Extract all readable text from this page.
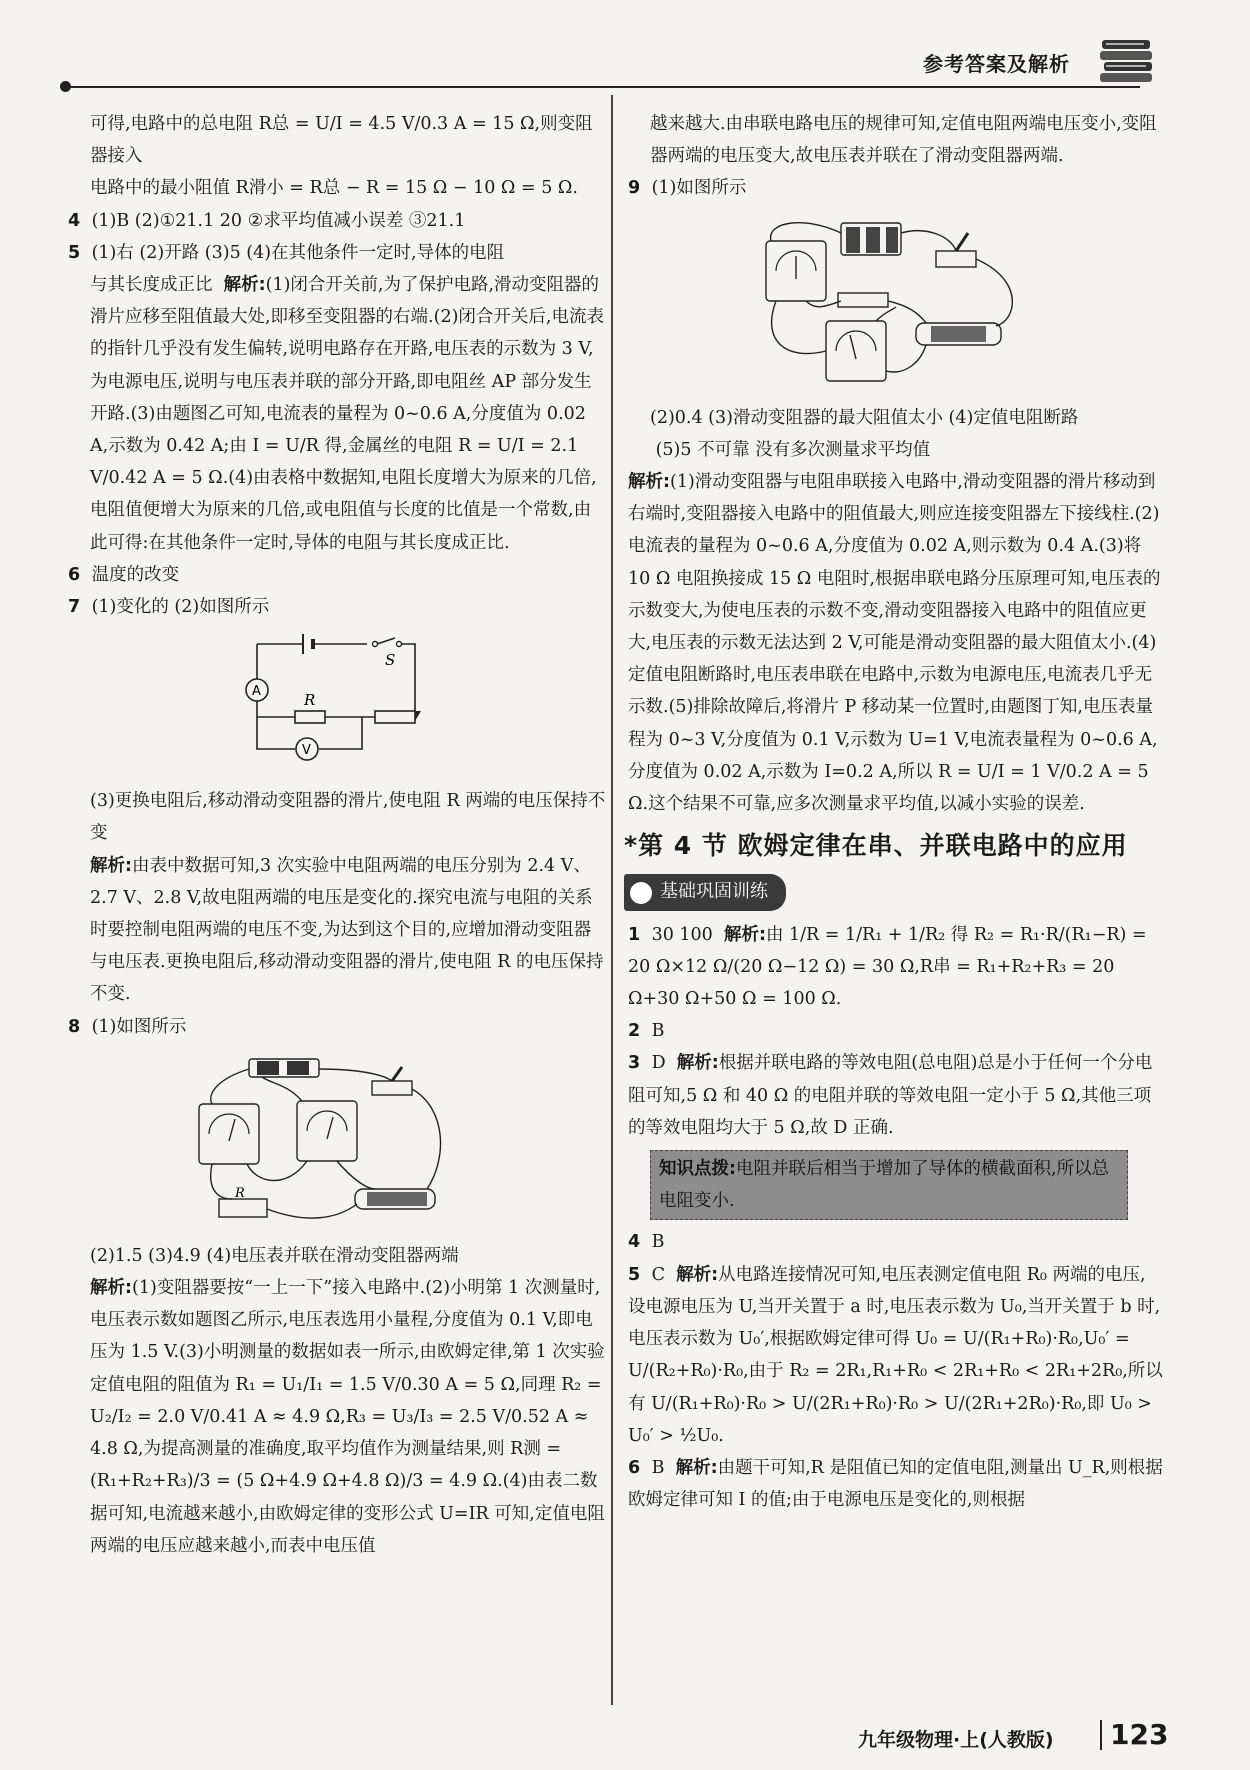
参考答案及解析

可得,电路中的总电阻 R总 = U/I = 4.5 V/0.3 A = 15 Ω,则变阻器接入

电路中的最小阻值 R滑小 = R总 − R = 15 Ω − 10 Ω = 5 Ω.

4 (1)B (2)①21.1 20 ②求平均值减小误差 ③21.1

5 (1)右 (2)开路 (3)5 (4)在其他条件一定时,导体的电阻

与其长度成正比 解析:(1)闭合开关前,为了保护电路,滑动变阻器的滑片应移至阻值最大处,即移至变阻器的右端.(2)闭合开关后,电流表的指针几乎没有发生偏转,说明电路存在开路,电压表的示数为 3 V,为电源电压,说明与电压表并联的部分开路,即电阻丝 AP 部分发生开路.(3)由题图乙可知,电流表的量程为 0~0.6 A,分度值为 0.02 A,示数为 0.42 A;由 I = U/R 得,金属丝的电阻 R = U/I = 2.1 V/0.42 A = 5 Ω.(4)由表格中数据知,电阻长度增大为原来的几倍,电阻值便增大为原来的几倍,或电阻值与长度的比值是一个常数,由此可得:在其他条件一定时,导体的电阻与其长度成正比.

6 温度的改变

7 (1)变化的 (2)如图所示

S
A	R
V

(3)更换电阻后,移动滑动变阻器的滑片,使电阻 R 两端的电压保持不变

解析:由表中数据可知,3 次实验中电阻两端的电压分别为 2.4 V、2.7 V、2.8 V,故电阻两端的电压是变化的.探究电流与电阻的关系时要控制电阻两端的电压不变,为达到这个目的,应增加滑动变阻器与电压表.更换电阻后,移动滑动变阻器的滑片,使电阻 R 的电压保持不变.

8 (1)如图所示

R

(2)1.5 (3)4.9 (4)电压表并联在滑动变阻器两端

解析:(1)变阻器要按“一上一下”接入电路中.(2)小明第 1 次测量时,电压表示数如题图乙所示,电压表选用小量程,分度值为 0.1 V,即电压为 1.5 V.(3)小明测量的数据如表一所示,由欧姆定律,第 1 次实验定值电阻的阻值为 R₁ = U₁/I₁ = 1.5 V/0.30 A = 5 Ω,同理 R₂ = U₂/I₂ = 2.0 V/0.41 A ≈ 4.9 Ω,R₃ = U₃/I₃ = 2.5 V/0.52 A ≈ 4.8 Ω,为提高测量的准确度,取平均值作为测量结果,则 R测 = (R₁+R₂+R₃)/3 = (5 Ω+4.9 Ω+4.8 Ω)/3 = 4.9 Ω.(4)由表二数据可知,电流越来越小,由欧姆定律的变形公式 U=IR 可知,定值电阻两端的电压应越来越小,而表中电压值

越来越大.由串联电路电压的规律可知,定值电阻两端电压变小,变阻器两端的电压变大,故电压表并联在了滑动变阻器两端.

9 (1)如图所示

(2)0.4 (3)滑动变阻器的最大阻值太小 (4)定值电阻断路

(5)5 不可靠 没有多次测量求平均值

解析:(1)滑动变阻器与电阻串联接入电路中,滑动变阻器的滑片移动到右端时,变阻器接入电路中的阻值最大,则应连接变阻器左下接线柱.(2)电流表的量程为 0~0.6 A,分度值为 0.02 A,则示数为 0.4 A.(3)将 10 Ω 电阻换接成 15 Ω 电阻时,根据串联电路分压原理可知,电压表的示数变大,为使电压表的示数不变,滑动变阻器接入电路中的阻值应更大,电压表的示数无法达到 2 V,可能是滑动变阻器的最大阻值太小.(4)定值电阻断路时,电压表串联在电路中,示数为电源电压,电流表几乎无示数.(5)排除故障后,将滑片 P 移动某一位置时,由题图丁知,电压表量程为 0~3 V,分度值为 0.1 V,示数为 U=1 V,电流表量程为 0~0.6 A,分度值为 0.02 A,示数为 I=0.2 A,所以 R = U/I = 1 V/0.2 A = 5 Ω.这个结果不可靠,应多次测量求平均值,以减小实验的误差.

*第 4 节 欧姆定律在串、并联电路中的应用
基础巩固训练

1 30 100 解析:由 1/R = 1/R₁ + 1/R₂ 得 R₂ = R₁·R/(R₁−R) = 20 Ω×12 Ω/(20 Ω−12 Ω) = 30 Ω,R串 = R₁+R₂+R₃ = 20 Ω+30 Ω+50 Ω = 100 Ω.

2 B

3 D 解析:根据并联电路的等效电阻(总电阻)总是小于任何一个分电阻可知,5 Ω 和 40 Ω 的电阻并联的等效电阻一定小于 5 Ω,其他三项的等效电阻均大于 5 Ω,故 D 正确.

知识点拨:电阻并联后相当于增加了导体的横截面积,所以总电阻变小.

4 B

5 C 解析:从电路连接情况可知,电压表测定值电阻 R₀ 两端的电压,设电源电压为 U,当开关置于 a 时,电压表示数为 U₀,当开关置于 b 时,电压表示数为 U₀′,根据欧姆定律可得 U₀ = U/(R₁+R₀)·R₀,U₀′ = U/(R₂+R₀)·R₀,由于 R₂ = 2R₁,R₁+R₀ < 2R₁+R₀ < 2R₁+2R₀,所以有 U/(R₁+R₀)·R₀ > U/(2R₁+R₀)·R₀ > U/(2R₁+2R₀)·R₀,即 U₀ > U₀′ > ½U₀.

6 B 解析:由题干可知,R 是阻值已知的定值电阻,测量出 U_R,则根据欧姆定律可知 I 的值;由于电源电压是变化的,则根据

九年级物理·上(人教版) 123
